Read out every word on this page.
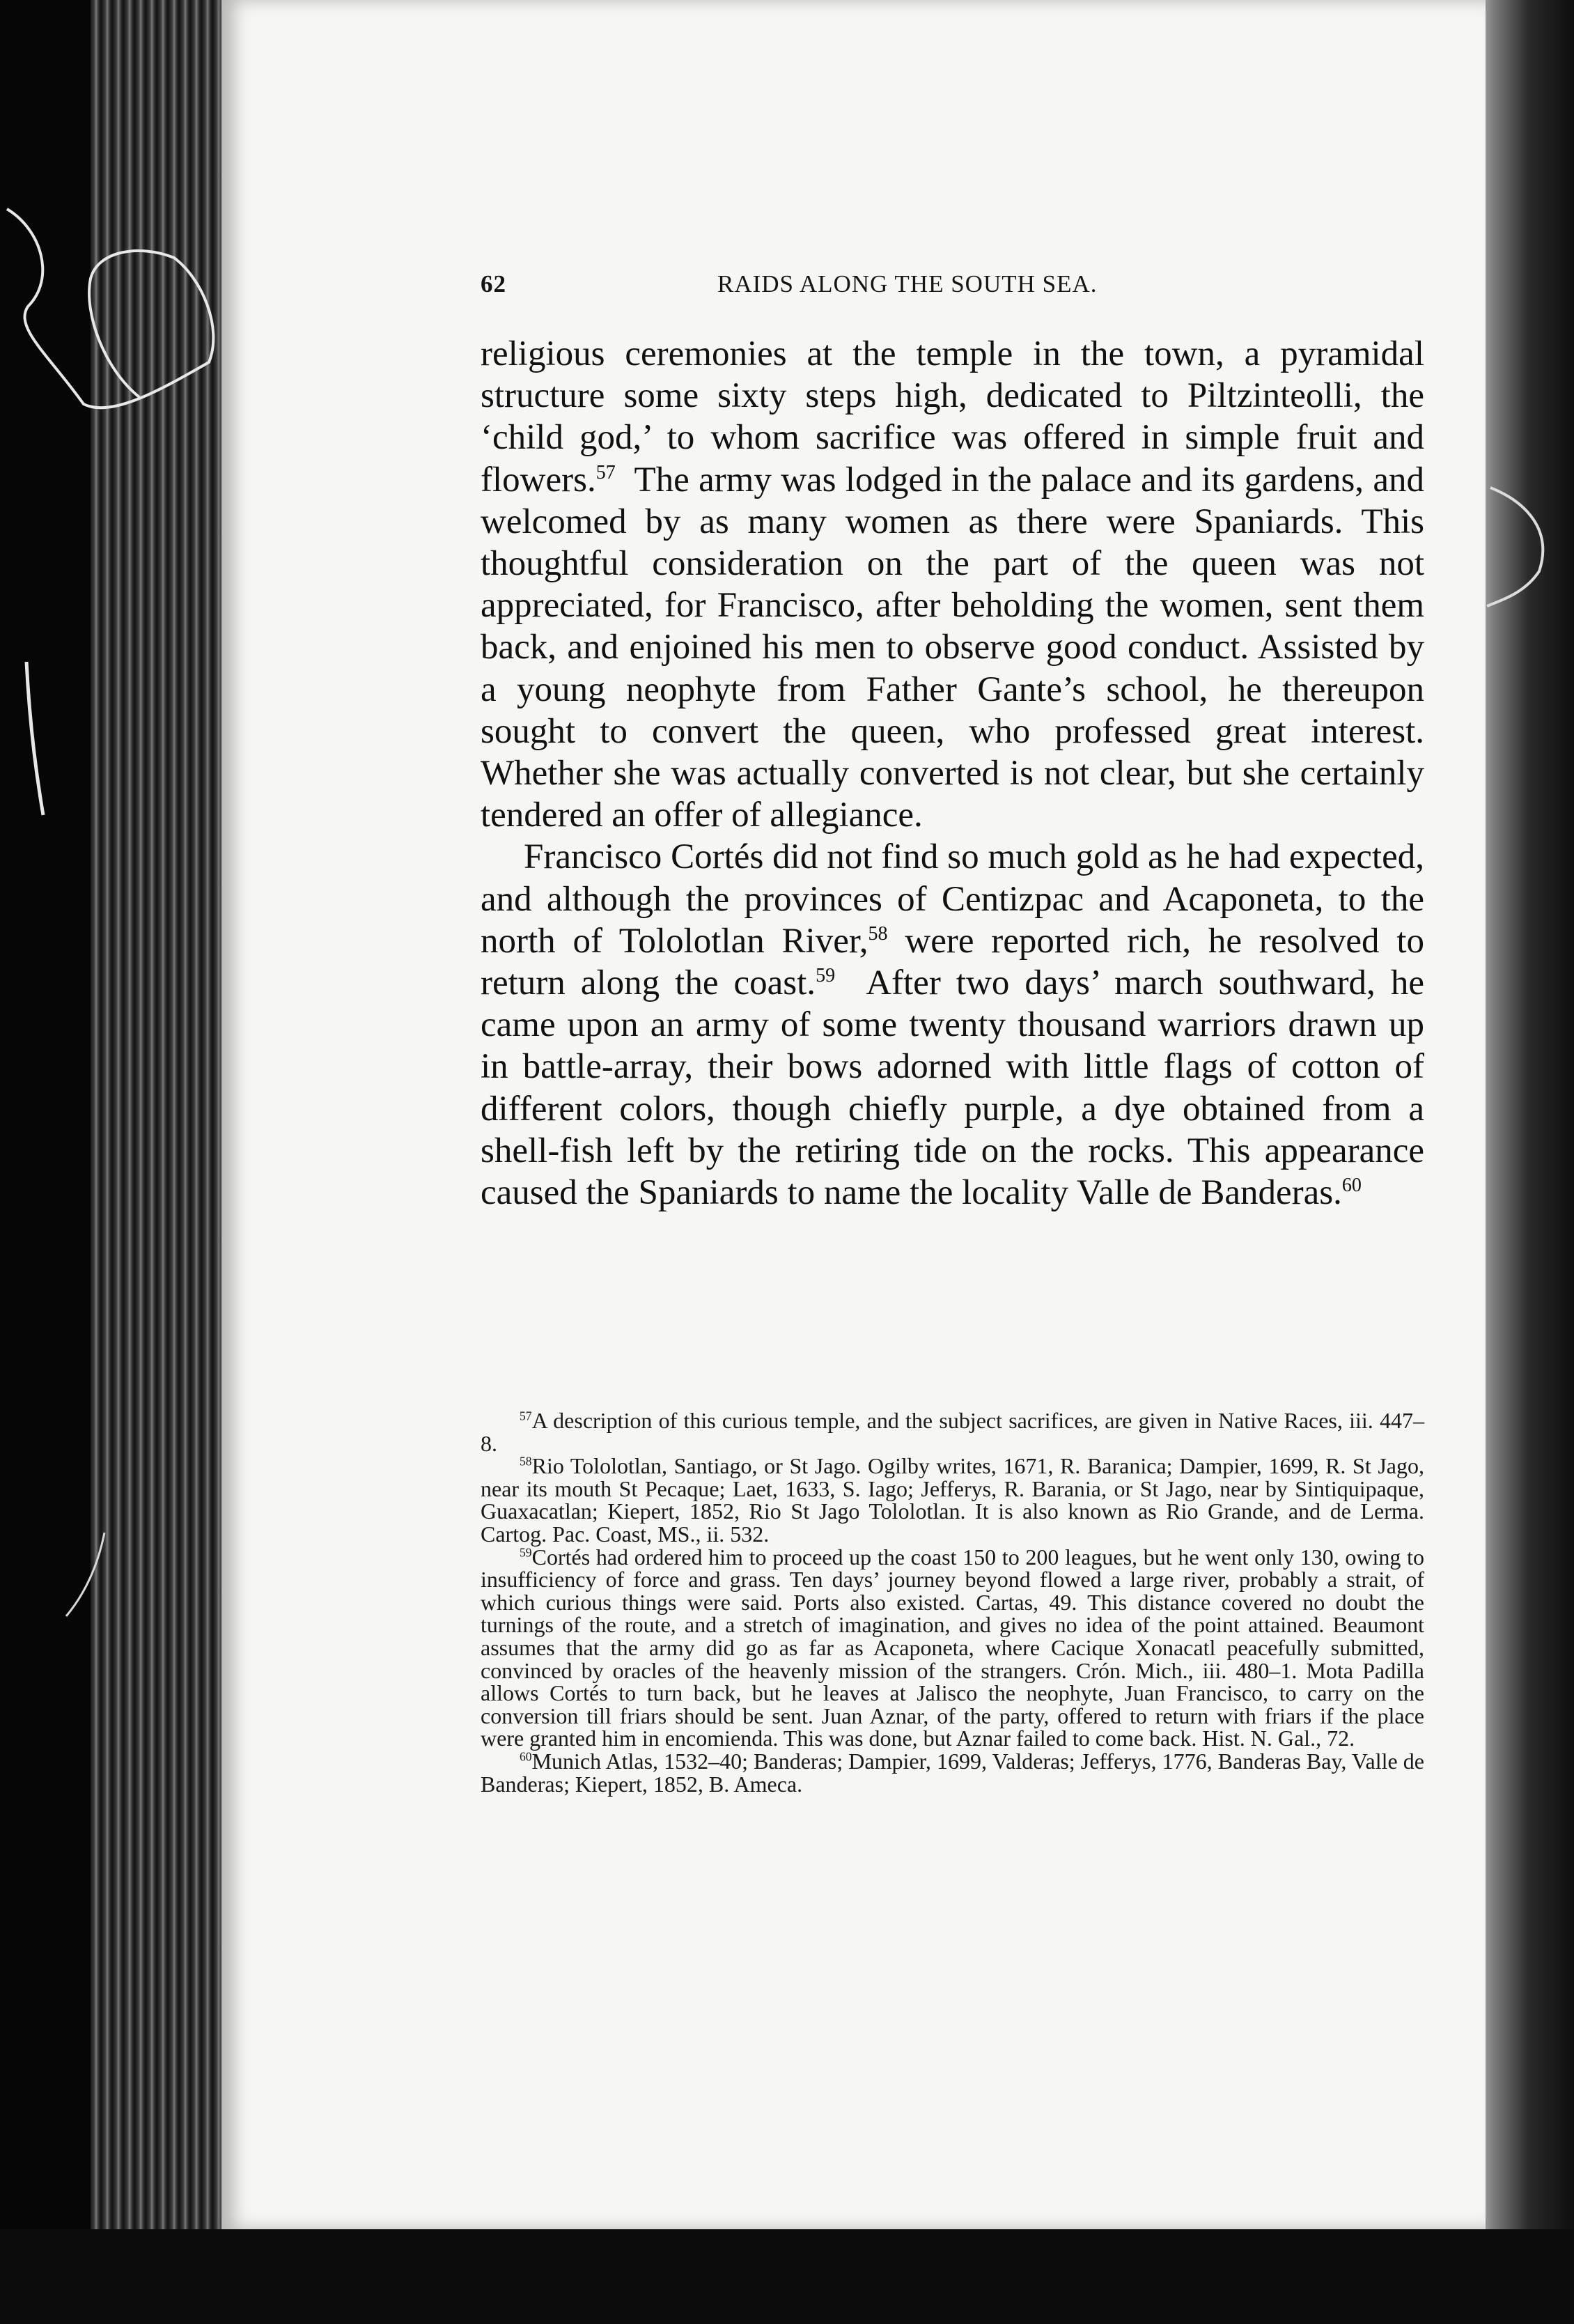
62	RAIDS ALONG THE SOUTH SEA.

religious ceremonies at the temple in the town, a pyramidal structure some sixty steps high, dedicated to Piltzinteolli, the ‘child god,’ to whom sacrifice was offered in simple fruit and flowers.$^{57}$ The army was lodged in the palace and its gardens, and welcomed by as many women as there were Spaniards. This thoughtful consideration on the part of the queen was not appreciated, for Francisco, after beholding the women, sent them back, and enjoined his men to observe good conduct. Assisted by a young neophyte from Father Gante’s school, he thereupon sought to convert the queen, who professed great interest. Whether she was actually converted is not clear, but she certainly tendered an offer of allegiance.

Francisco Cortés did not find so much gold as he had expected, and although the provinces of Centizpac and Acaponeta, to the north of Tololotlan River,$^{58}$ were reported rich, he resolved to return along the coast.$^{59}$ After two days’ march southward, he came upon an army of some twenty thousand warriors drawn up in battle-array, their bows adorned with little flags of cotton of different colors, though chiefly purple, a dye obtained from a shell-fish left by the retiring tide on the rocks. This appearance caused the Spaniards to name the locality Valle de Banderas.$^{60}$

$^{57}$A description of this curious temple, and the subject sacrifices, are given in Native Races, iii. 447–8.

$^{58}$Rio Tololotlan, Santiago, or St Jago. Ogilby writes, 1671, R. Baranica; Dampier, 1699, R. St Jago, near its mouth St Pecaque; Laet, 1633, S. Iago; Jefferys, R. Barania, or St Jago, near by Sintiquipaque, Guaxacatlan; Kiepert, 1852, Rio St Jago Tololotlan. It is also known as Rio Grande, and de Lerma. Cartog. Pac. Coast, MS., ii. 532.

$^{59}$Cortés had ordered him to proceed up the coast 150 to 200 leagues, but he went only 130, owing to insufficiency of force and grass. Ten days’ journey beyond flowed a large river, probably a strait, of which curious things were said. Ports also existed. Cartas, 49. This distance covered no doubt the turnings of the route, and a stretch of imagination, and gives no idea of the point attained. Beaumont assumes that the army did go as far as Acaponeta, where Cacique Xonacatl peacefully submitted, convinced by oracles of the heavenly mission of the strangers. Crón. Mich., iii. 480–1. Mota Padilla allows Cortés to turn back, but he leaves at Jalisco the neophyte, Juan Francisco, to carry on the conversion till friars should be sent. Juan Aznar, of the party, offered to return with friars if the place were granted him in encomienda. This was done, but Aznar failed to come back. Hist. N. Gal., 72.

$^{60}$Munich Atlas, 1532–40; Banderas; Dampier, 1699, Valderas; Jefferys, 1776, Banderas Bay, Valle de Banderas; Kiepert, 1852, B. Ameca.
